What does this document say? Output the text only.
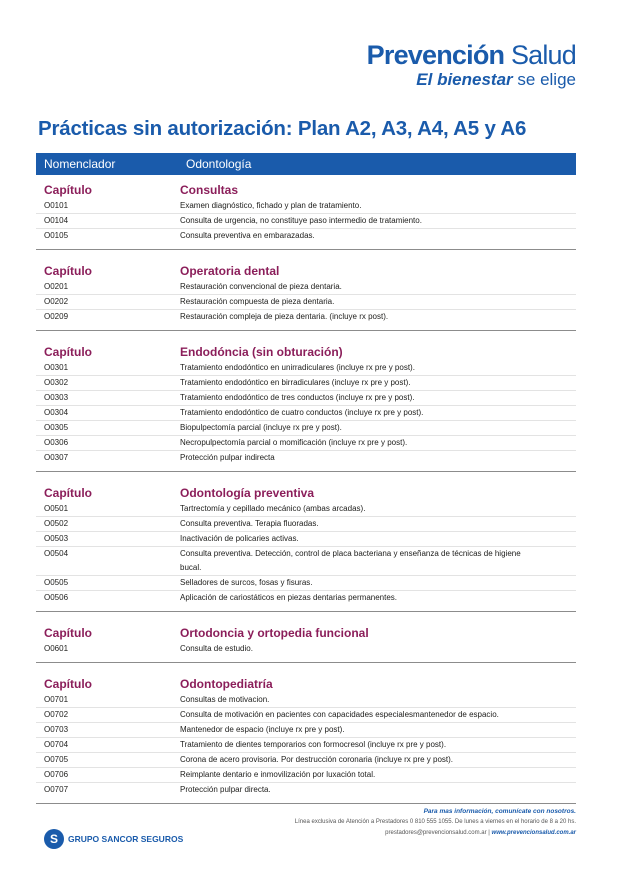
Prevención Salud
El bienestar se elige
Prácticas sin autorización: Plan A2, A3, A4, A5 y A6
Nomenclador	Odontología
Capítulo	Consultas
O0101	Examen diagnóstico, fichado y plan de tratamiento.
O0104	Consulta de urgencia, no constituye paso intermedio de tratamiento.
O0105	Consulta preventiva en embarazadas.
Capítulo	Operatoria dental
O0201	Restauración convencional de pieza dentaria.
O0202	Restauración compuesta de pieza dentaria.
O0209	Restauración compleja de pieza dentaria. (incluye rx post).
Capítulo	Endodóncia (sin obturación)
O0301	Tratamiento endodóntico en unirradiculares (incluye rx pre y post).
O0302	Tratamiento endodóntico en birradiculares (incluye rx pre y post).
O0303	Tratamiento endodóntico de tres conductos (incluye rx pre y post).
O0304	Tratamiento endodóntico de cuatro conductos (incluye rx pre y post).
O0305	Biopulpectomía parcial (incluye rx pre y post).
O0306	Necropulpectomía parcial o momificación (incluye rx pre y post).
O0307	Protección pulpar indirecta
Capítulo	Odontología preventiva
O0501	Tartrectomía y cepillado mecánico (ambas arcadas).
O0502	Consulta preventiva. Terapia fluoradas.
O0503	Inactivación de policaries activas.
O0504	Consulta preventiva. Detección, control de placa bacteriana y enseñanza de técnicas de higiene bucal.
O0505	Selladores de surcos, fosas y fisuras.
O0506	Aplicación de cariostáticos en piezas dentarias permanentes.
Capítulo	Ortodoncia y ortopedia funcional
O0601	Consulta de estudio.
Capítulo	Odontopediatría
O0701	Consultas de motivacion.
O0702	Consulta de motivación en pacientes con capacidades especialesmantenedor de espacio.
O0703	Mantenedor de espacio (incluye rx pre y post).
O0704	Tratamiento de dientes temporarios con formocresol (incluye rx pre y post).
O0705	Corona de acero provisoria. Por destrucción coronaria (incluye rx pre y post).
O0706	Reimplante dentario e inmovilización por luxación total.
O0707	Protección pulpar directa.
S	GRUPO SANCOR SEGUROS
Para mas información, comunícate con nosotros.
Línea exclusiva de Atención a Prestadores 0 810 555 1055. De lunes a viernes en el horario de 8 a 20 hs.
prestadores@prevencionsalud.com.ar | www.prevencionsalud.com.ar
